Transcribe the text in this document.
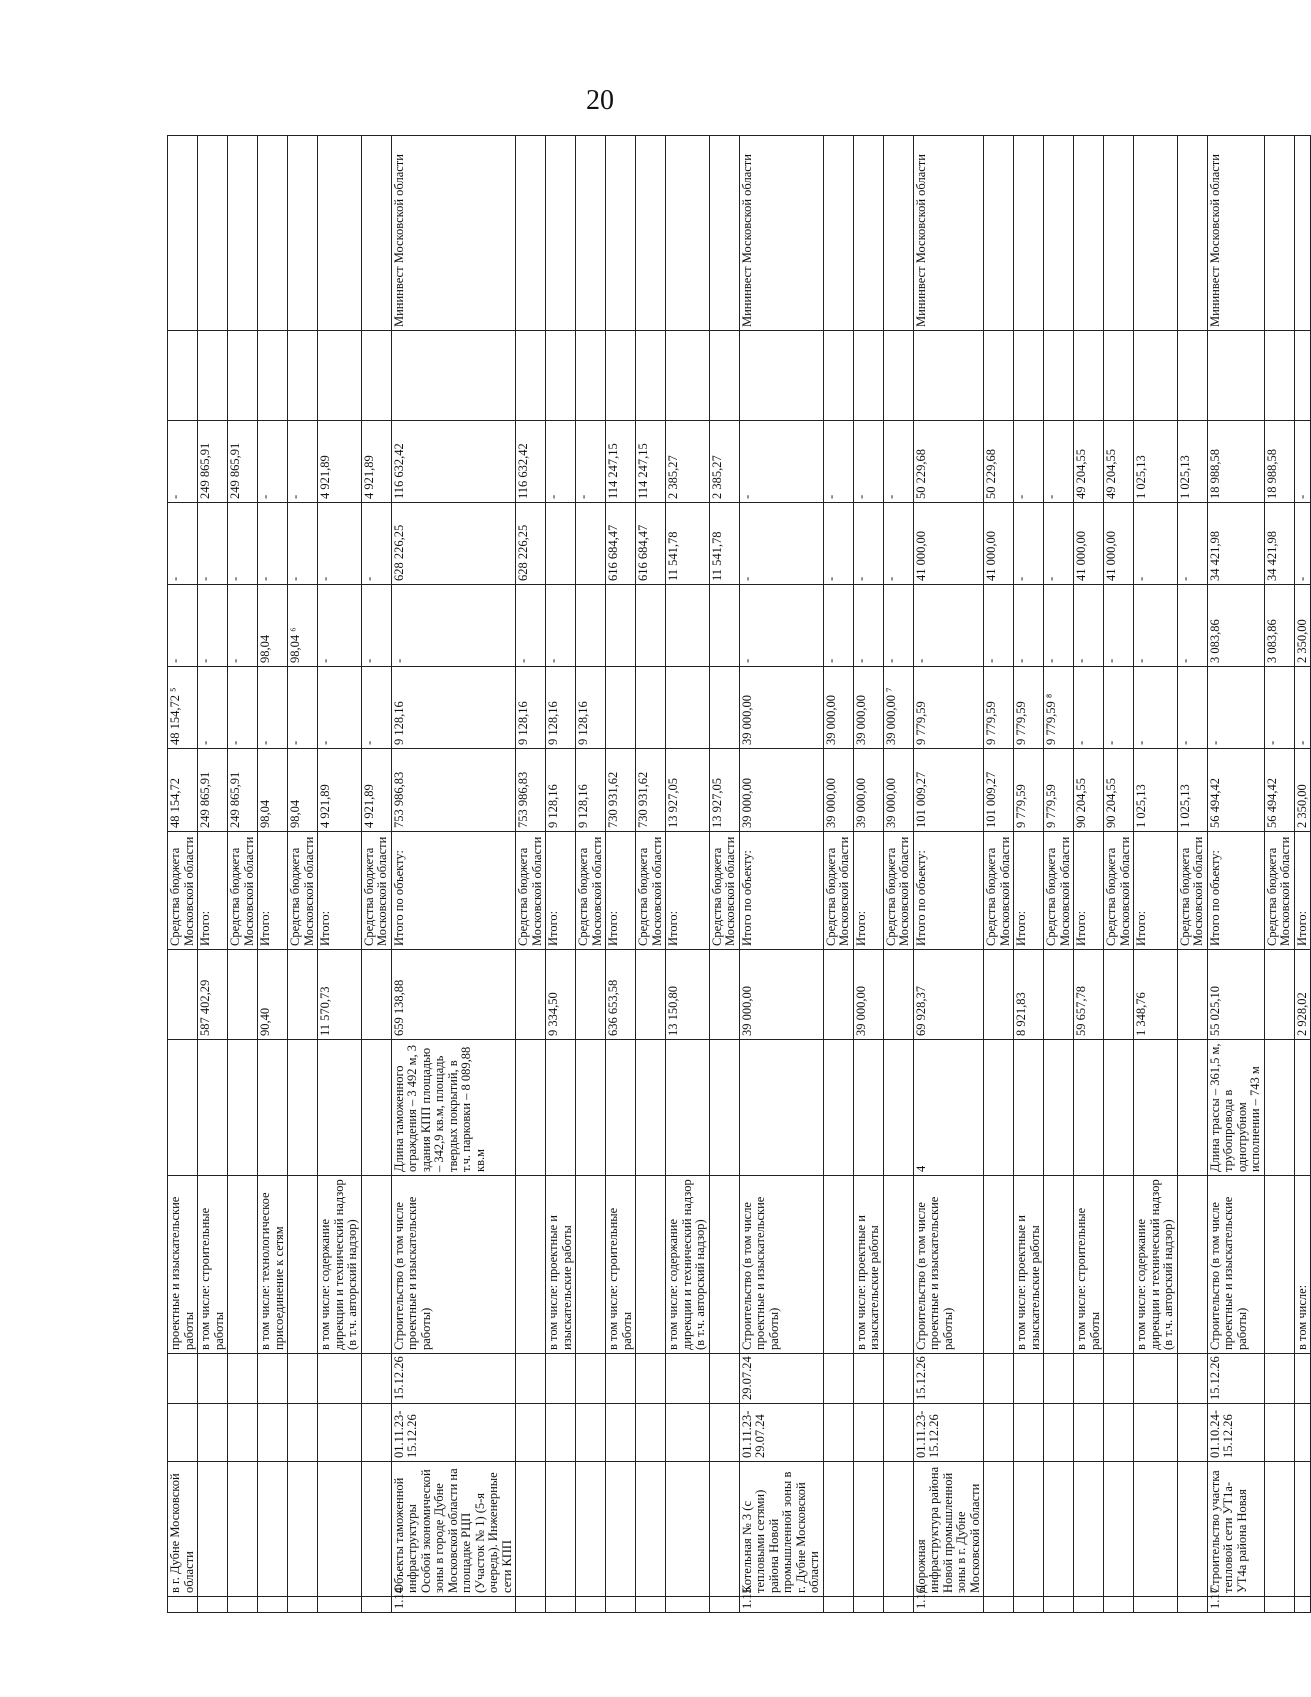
20
	в г. Дубне Московской области			проектные и изыскательские работы			Средства бюджета Московской области	48 154,72	48 154,72 ⁵	-	-	-		
				в том числе: строительные работы		587 402,29	Итого:	249 865,91	-	-	-	249 865,91		
							Средства бюджета Московской области	249 865,91	-	-	-	249 865,91		
				в том числе: технологическое присоединение к сетям		90,40	Итого:	98,04	-	98,04	-	-		
							Средства бюджета Московской области	98,04	-	98,04 ⁶	-	-		
				в том числе: содержание дирекции и технический надзор (в т.ч. авторский надзор)		11 570,73	Итого:	4 921,89	-	-	-	4 921,89		
							Средства бюджета Московской области	4 921,89	-	-	-	4 921,89		
1.14	Объекты таможенной инфраструктуры Особой экономической зоны в городе Дубне Московской области на площадке РЦП (Участок № 1) (5-я очередь). Инженерные сети КПП	01.11.23-15.12.26	15.12.26	Строительство (в том числе проектные и изыскательские работы)	Длина таможенного ограждения – 3 492 м, 3 здания КПП площадью – 342,9 кв.м, площадь твердых покрытий, в т.ч. парковки – 8 089,88 кв.м	659 138,88	Итого по объекту:	753 986,83	9 128,16	-	628 226,25	116 632,42		Мининвест Московской области
							Средства бюджета Московской области	753 986,83	9 128,16	-	628 226,25	116 632,42		
				в том числе: проектные и изыскательские работы		9 334,50	Итого:	9 128,16	9 128,16	-		-		
							Средства бюджета Московской области	9 128,16	9 128,16			-		
				в том числе: строительные работы		636 653,58	Итого:	730 931,62			616 684,47	114 247,15		
							Средства бюджета Московской области	730 931,62			616 684,47	114 247,15		
				в том числе: содержание дирекции и технический надзор (в т.ч. авторский надзор)		13 150,80	Итого:	13 927,05			11 541,78	2 385,27		
							Средства бюджета Московской области	13 927,05			11 541,78	2 385,27		
1.15	Котельная № 3 (с тепловыми сетями) района Новой промышленной зоны в г. Дубне Московской области	01.11.23-29.07.24	29.07.24	Строительство (в том числе проектные и изыскательские работы)		39 000,00	Итого по объекту:	39 000,00	39 000,00	-	-	-		Мининвест Московской области
							Средства бюджета Московской области	39 000,00	39 000,00	-	-	-		
				в том числе: проектные и изыскательские работы		39 000,00	Итого:	39 000,00	39 000,00	-	-	-		
							Средства бюджета Московской области	39 000,00	39 000,00 ⁷	-	-	-		
1.16	Дорожная инфраструктура района Новой промышленной зоны в г. Дубне Московской области	01.11.23-15.12.26	15.12.26	Строительство (в том числе проектные и изыскательские работы)	4	69 928,37	Итого по объекту:	101 009,27	9 779,59	-	41 000,00	50 229,68		Мининвест Московской области
							Средства бюджета Московской области	101 009,27	9 779,59	-	41 000,00	50 229,68		
				в том числе: проектные и изыскательские работы		8 921,83	Итого:	9 779,59	9 779,59	-	-	-		
							Средства бюджета Московской области	9 779,59	9 779,59 ⁸	-	-	-		
				в том числе: строительные работы		59 657,78	Итого:	90 204,55	-	-	41 000,00	49 204,55		
							Средства бюджета Московской области	90 204,55	-	-	41 000,00	49 204,55		
				в том числе: содержание дирекции и технический надзор (в т.ч. авторский надзор)		1 348,76	Итого:	1 025,13	-	-	-	1 025,13		
							Средства бюджета Московской области	1 025,13	-	-	-	1 025,13		
1.17	Строительство участка тепловой сети УТ1а-УТ4а района Новая	01.10.24-15.12.26	15.12.26	Строительство (в том числе проектные и изыскательские работы)	Длина трассы – 361,5 м, трубопровода в однотрубном исполнении – 743 м	55 025,10	Итого по объекту:	56 494,42	-	3 083,86	34 421,98	18 988,58		Мининвест Московской области
							Средства бюджета Московской области	56 494,42	-	3 083,86	34 421,98	18 988,58		
				в том числе:		2 928,02	Итого:	2 350,00	-	2 350,00	-	-		
